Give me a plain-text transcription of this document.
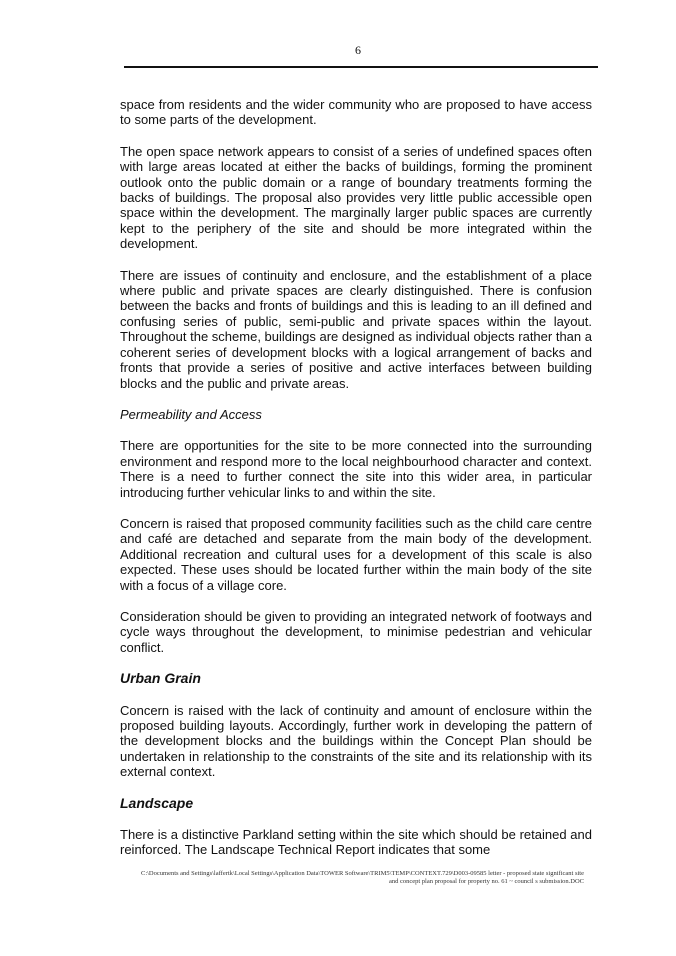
6

space from residents and the wider community who are proposed to have access to some parts of the development.

The open space network appears to consist of a series of undefined spaces often with large areas located at either the backs of buildings, forming the prominent outlook onto the public domain or a range of boundary treatments forming the backs of buildings. The proposal also provides very little public accessible open space within the development. The marginally larger public spaces are currently kept to the periphery of the site and should be more integrated within the development.

There are issues of continuity and enclosure, and the establishment of a place where public and private spaces are clearly distinguished. There is confusion between the backs and fronts of buildings and this is leading to an ill defined and confusing series of public, semi-public and private spaces within the layout. Throughout the scheme, buildings are designed as individual objects rather than a coherent series of development blocks with a logical arrangement of backs and fronts that provide a series of positive and active interfaces between building blocks and the public and private areas.

Permeability and Access

There are opportunities for the site to be more connected into the surrounding environment and respond more to the local neighbourhood character and context. There is a need to further connect the site into this wider area, in particular introducing further vehicular links to and within the site.

Concern is raised that proposed community facilities such as the child care centre and café are detached and separate from the main body of the development. Additional recreation and cultural uses for a development of this scale is also expected. These uses should be located further within the main body of the site with a focus of a village core.

Consideration should be given to providing an integrated network of footways and cycle ways throughout the development, to minimise pedestrian and vehicular conflict.

Urban Grain

Concern is raised with the lack of continuity and amount of enclosure within the proposed building layouts. Accordingly, further work in developing the pattern of the development blocks and the buildings within the Concept Plan should be undertaken in relationship to the constraints of the site and its relationship with its external context.

Landscape

There is a distinctive Parkland setting within the site which should be retained and reinforced. The Landscape Technical Report indicates that some

C:\Documents and Settings\laffertk\Local Settings\Application Data\TOWER Software\TRIM5\TEMP\CONTEXT.729\D003-09585 letter - proposed state significant site
and concept plan proposal for property no. 61 ~ council s submission.DOC
